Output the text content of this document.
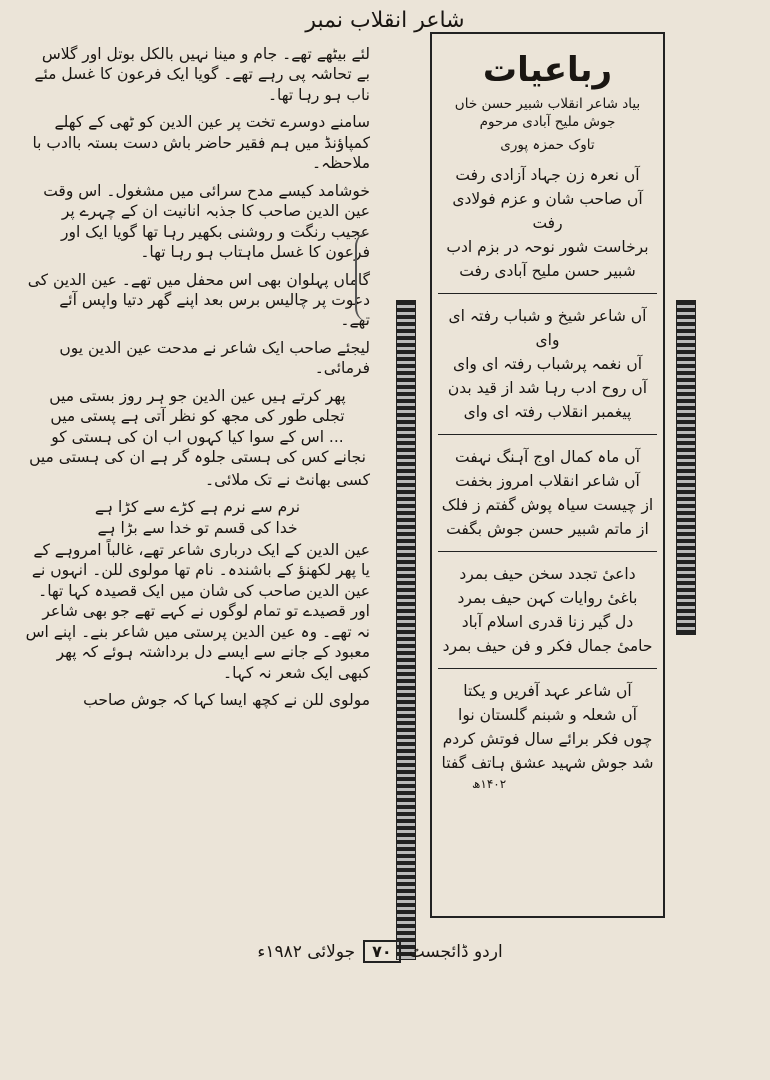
شاعر انقلاب نمبر

لئے بیٹھے تھے۔ جام و مینا نہیں بالکل بوتل اور گلاس بے تحاشہ پی رہے تھے۔ گویا ایک فرعون کا غسل مئے ناب ہو رہا تھا۔

سامنے دوسرے تخت پر عین الدین کو ٹھی کے کھلے کمپاؤنڈ میں ہم فقیر حاضر باش دست بستہ باادب با ملاحظہ۔

خوشامد کیسے مدح سرائی میں مشغول۔ اس وقت عین الدین صاحب کا جذبہ انانیت ان کے چہرے پر عجیب رنگت و روشنی بکھیر رہا تھا گویا ایک اور فرعون کا غسل ماہتاب ہو رہا تھا۔

گاماں پہلوان بھی اس محفل میں تھے۔ عین الدین کی دعوت پر چالیس برس بعد اپنے گھر دتیا واپس آئے تھے۔

لیجئے صاحب ایک شاعر نے مدحت عین الدین یوں فرمائی۔

پھر کرتے ہیں عین الدین جو ہر روز بستی میں
تجلی طور کی مجھ کو نظر آتی ہے پستی میں
... اس کے سوا کیا کہوں اب ان کی ہستی کو
نجانے کس کی ہستی جلوہ گر ہے ان کی ہستی میں

کسی بھانٹ نے تک ملائی۔

نرم سے نرم ہے کڑے سے کڑا ہے
خدا کی قسم تو خدا سے بڑا ہے

عین الدین کے ایک درباری شاعر تھے، غالباً امروہے کے یا پھر لکھنؤ کے باشندہ۔ نام تھا مولوی للن۔ انہوں نے عین الدین صاحب کی شان میں ایک قصیدہ کہا تھا۔ اور قصیدے تو تمام لوگوں نے کہے تھے جو بھی شاعر نہ تھے۔ وہ عین الدین پرستی میں شاعر بنے۔ اپنے اس معبود کے جانے سے ایسے دل برداشتہ ہوئے کہ پھر کبھی ایک شعر نہ کہا۔

مولوی للن نے کچھ ایسا کہا کہ جوش صاحب

رباعیات
بیاد شاعر انقلاب شبیر حسن خاں جوش ملیح آبادی مرحوم
تاوک حمزہ پوری
آں نعرہ زن جہاد آزادی رفت
آں صاحب شان و عزم فولادی رفت
برخاست شور نوحہ در بزم ادب
شبیر حسن ملیح آبادی رفت
آں شاعر شیخ و شباب رفتہ ای وای
آں نغمہ پرشباب رفتہ ای وای
آں روح ادب رہا شد از قید بدن
پیغمبر انقلاب رفتہ ای وای
آں ماہ کمال اوج آہنگ نہفت
آں شاعر انقلاب امروز بخفت
از چیست سیاہ پوش گفتم ز فلک
از ماتم شبیر حسن جوش بگفت
داعیٔ تجدد سخن حیف بمرد
باغیٔ روایات کہن حیف بمرد
دل گیر زنا قدری اسلام آباد
حامیٔ جمال فکر و فن حیف بمرد
آں شاعر عہد آفریں و یکتا
آں شعلہ و شبنم گلستان نوا
چوں فکر برائے سال فوتش کردم
شد جوش شہید عشق ہاتف گفتا
۱۴۰۲ھ
اردو ڈائجسٹ
۷۰
جولائی ۱۹۸۲ء
